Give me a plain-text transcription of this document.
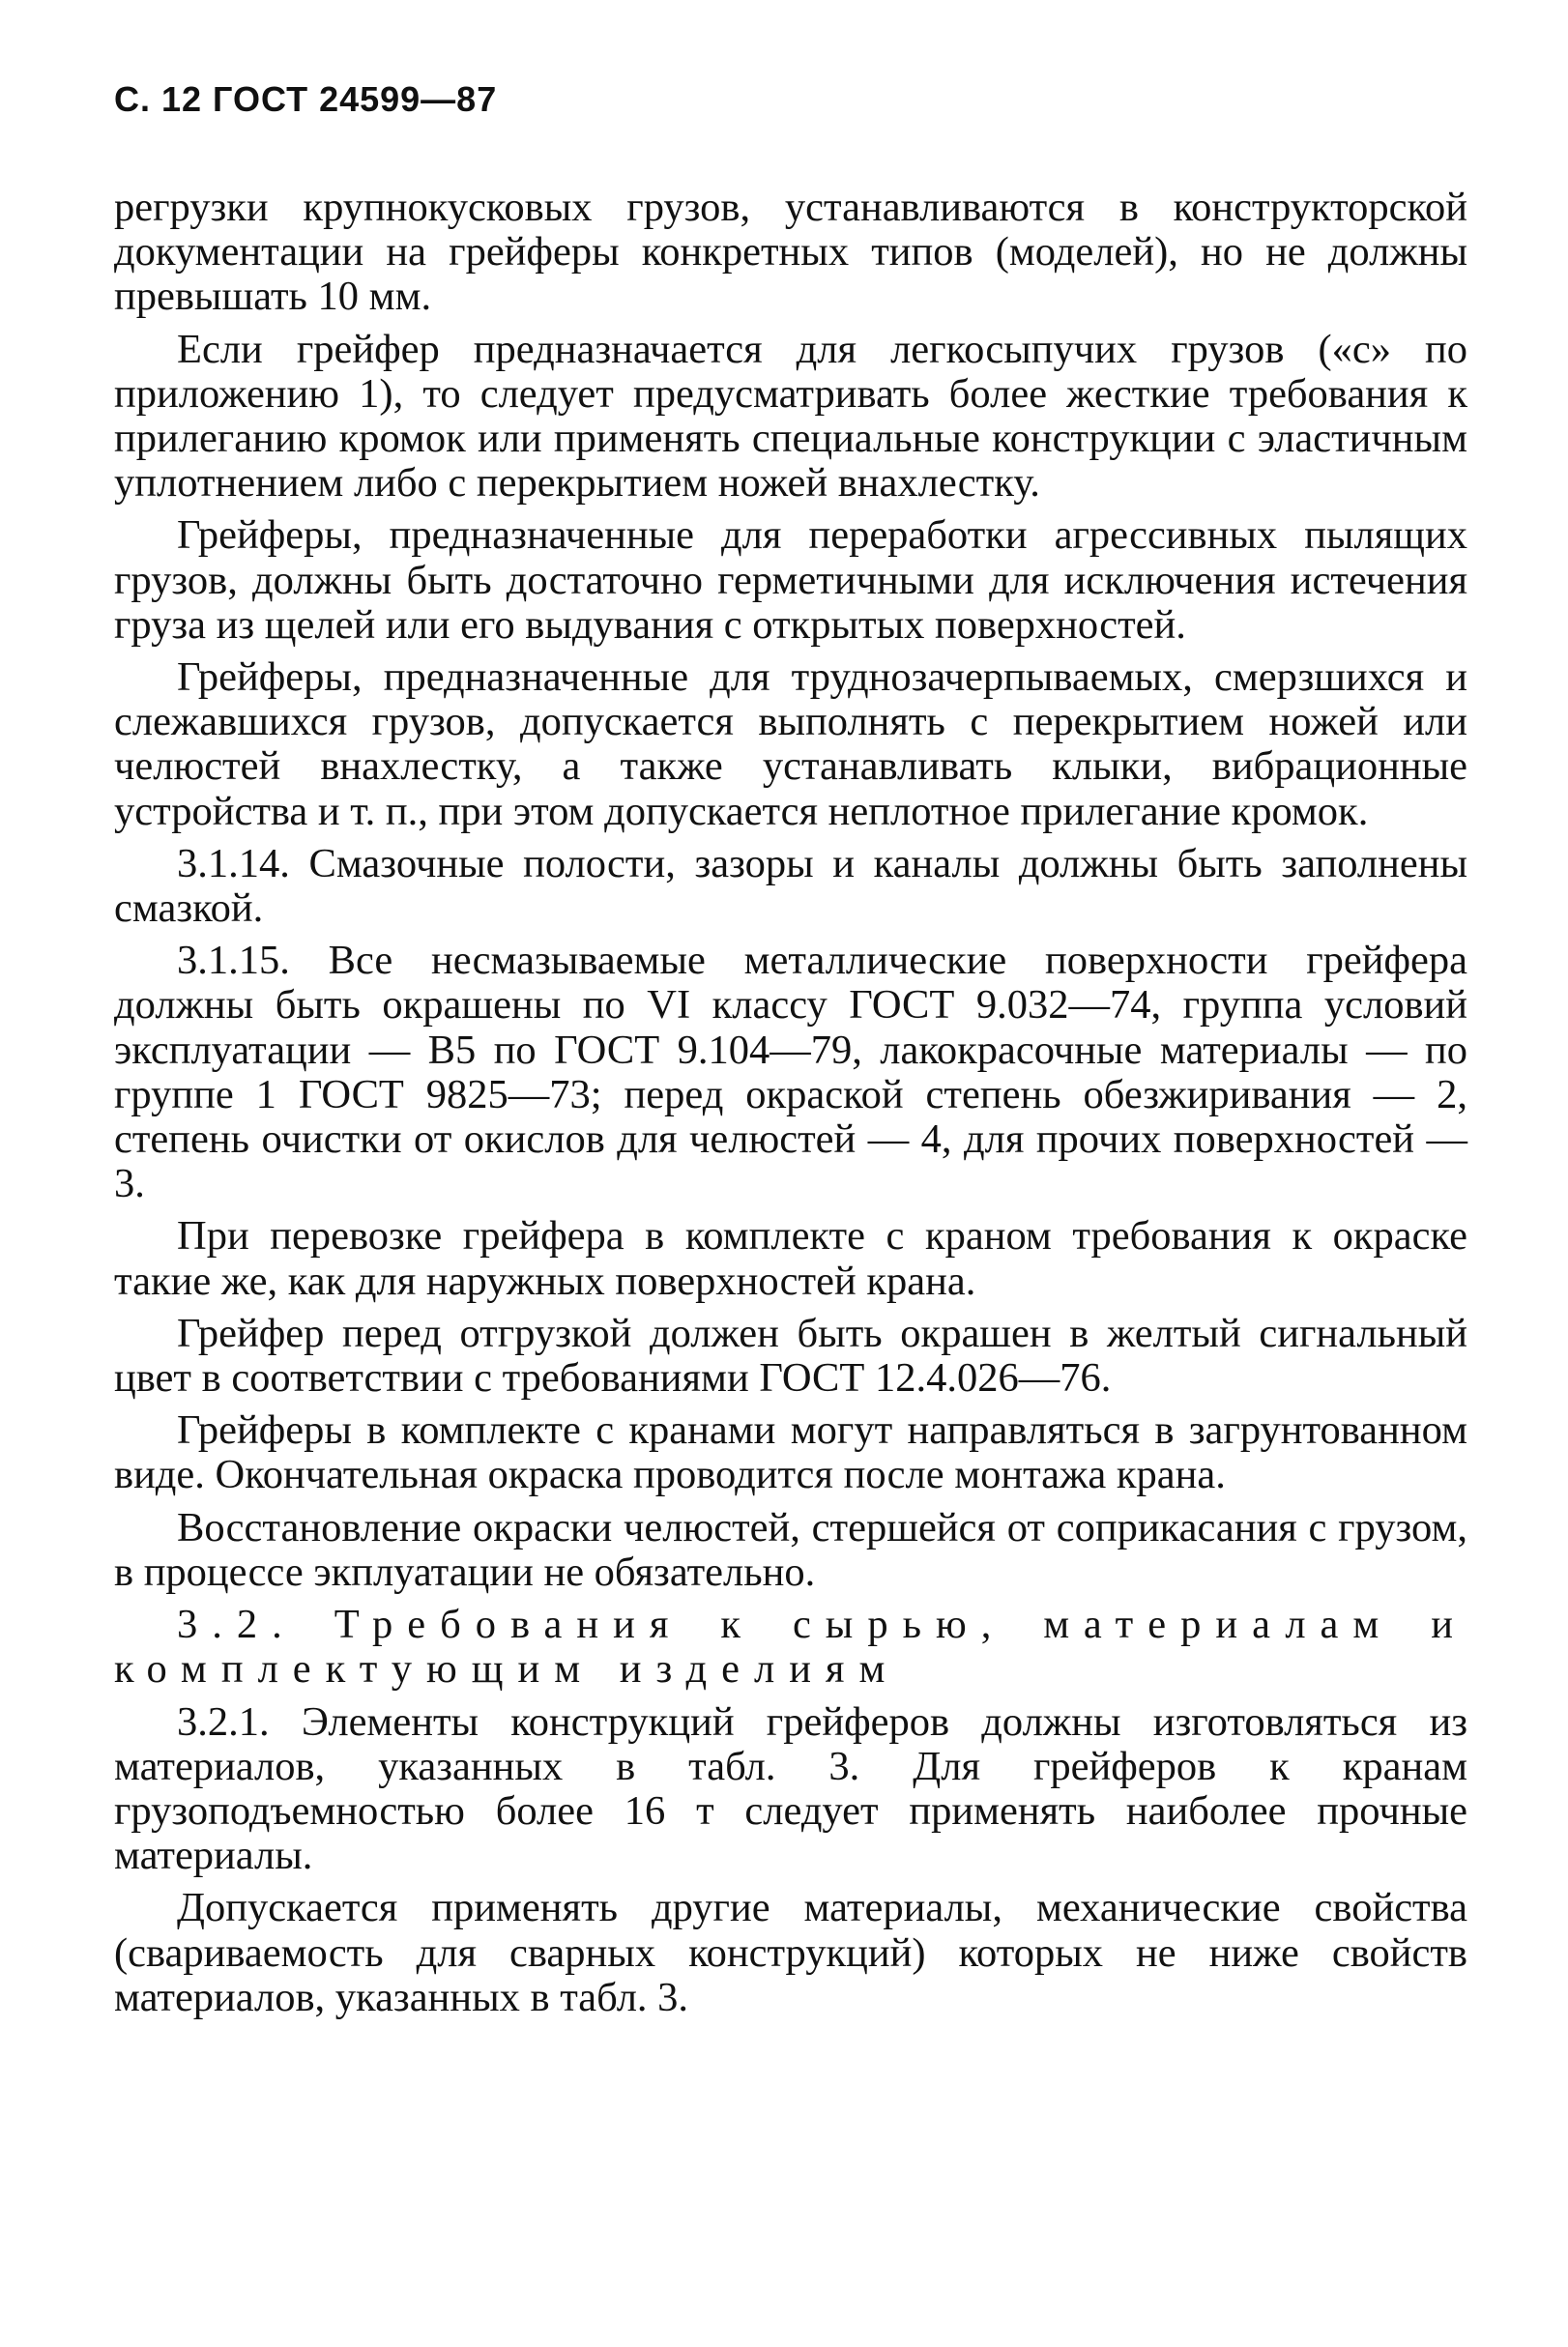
С. 12 ГОСТ 24599—87

регрузки крупнокусковых грузов, устанавливаются в конструкторской документации на грейферы конкретных типов (моделей), но не должны превышать 10 мм.

Если грейфер предназначается для легкосыпучих грузов («с» по приложению 1), то следует предусматривать более жесткие требования к прилеганию кромок или применять специальные конструкции с эластичным уплотнением либо с перекрытием ножей внахлестку.

Грейферы, предназначенные для переработки агрессивных пылящих грузов, должны быть достаточно герметичными для исключения истечения груза из щелей или его выдувания с открытых поверхностей.

Грейферы, предназначенные для труднозачерпываемых, смерзшихся и слежавшихся грузов, допускается выполнять с перекрытием ножей или челюстей внахлестку, а также устанавливать клыки, вибрационные устройства и т. п., при этом допускается неплотное прилегание кромок.

3.1.14. Смазочные полости, зазоры и каналы должны быть заполнены смазкой.

3.1.15. Все несмазываемые металлические поверхности грейфера должны быть окрашены по VI классу ГОСТ 9.032—74, группа условий эксплуатации — В5 по ГОСТ 9.104—79, лакокрасочные материалы — по группе 1 ГОСТ 9825—73; перед окраской степень обезжиривания — 2, степень очистки от окислов для челюстей — 4, для прочих поверхностей — 3.

При перевозке грейфера в комплекте с краном требования к окраске такие же, как для наружных поверхностей крана.

Грейфер перед отгрузкой должен быть окрашен в желтый сигнальный цвет в соответствии с требованиями ГОСТ 12.4.026—76.

Грейферы в комплекте с кранами могут направляться в загрунтованном виде. Окончательная окраска проводится после монтажа крана.

Восстановление окраски челюстей, стершейся от соприкасания с грузом, в процессе экплуатации не обязательно.

3.2. Требования к сырью, материалам и комплектующим изделиям

3.2.1. Элементы конструкций грейферов должны изготовляться из материалов, указанных в табл. 3. Для грейферов к кранам грузоподъемностью более 16 т следует применять наиболее прочные материалы.

Допускается применять другие материалы, механические свойства (свариваемость для сварных конструкций) которых не ниже свойств материалов, указанных в табл. 3.
